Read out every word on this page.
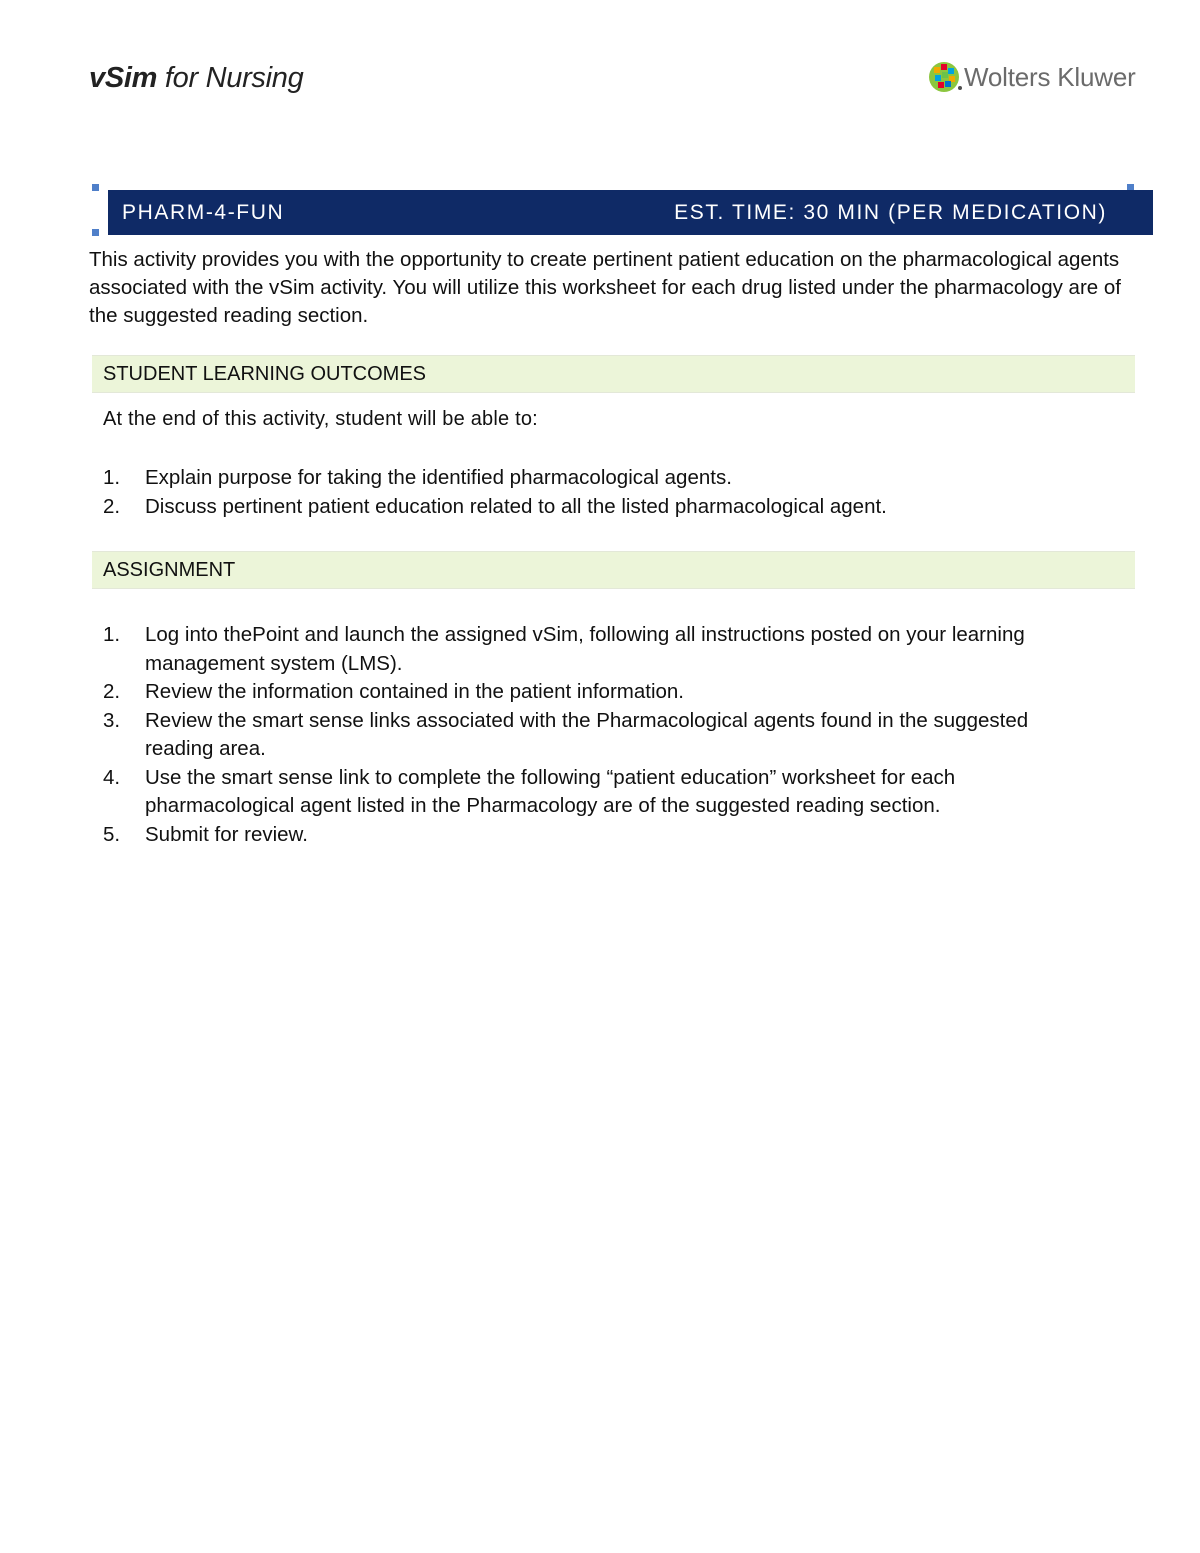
vSim for Nursing	Wolters Kluwer
PHARM-4-FUN	EST. TIME: 30 MIN (PER MEDICATION)
This activity provides you with the opportunity to create pertinent patient education on the pharmacological agents associated with the vSim activity. You will utilize this worksheet for each drug listed under the pharmacology are of the suggested reading section.
STUDENT LEARNING OUTCOMES
At the end of this activity, student will be able to:
1.	Explain purpose for taking the identified pharmacological agents.
2.	Discuss pertinent patient education related to all the listed pharmacological agent.
ASSIGNMENT
1.	Log into thePoint and launch the assigned vSim, following all instructions posted on your learning management system (LMS).
2.	Review the information contained in the patient information.
3.	Review the smart sense links associated with the Pharmacological agents found in the suggested reading area.
4.	Use the smart sense link to complete the following “patient education” worksheet for each pharmacological agent listed in the Pharmacology are of the suggested reading section.
5.	Submit for review.
